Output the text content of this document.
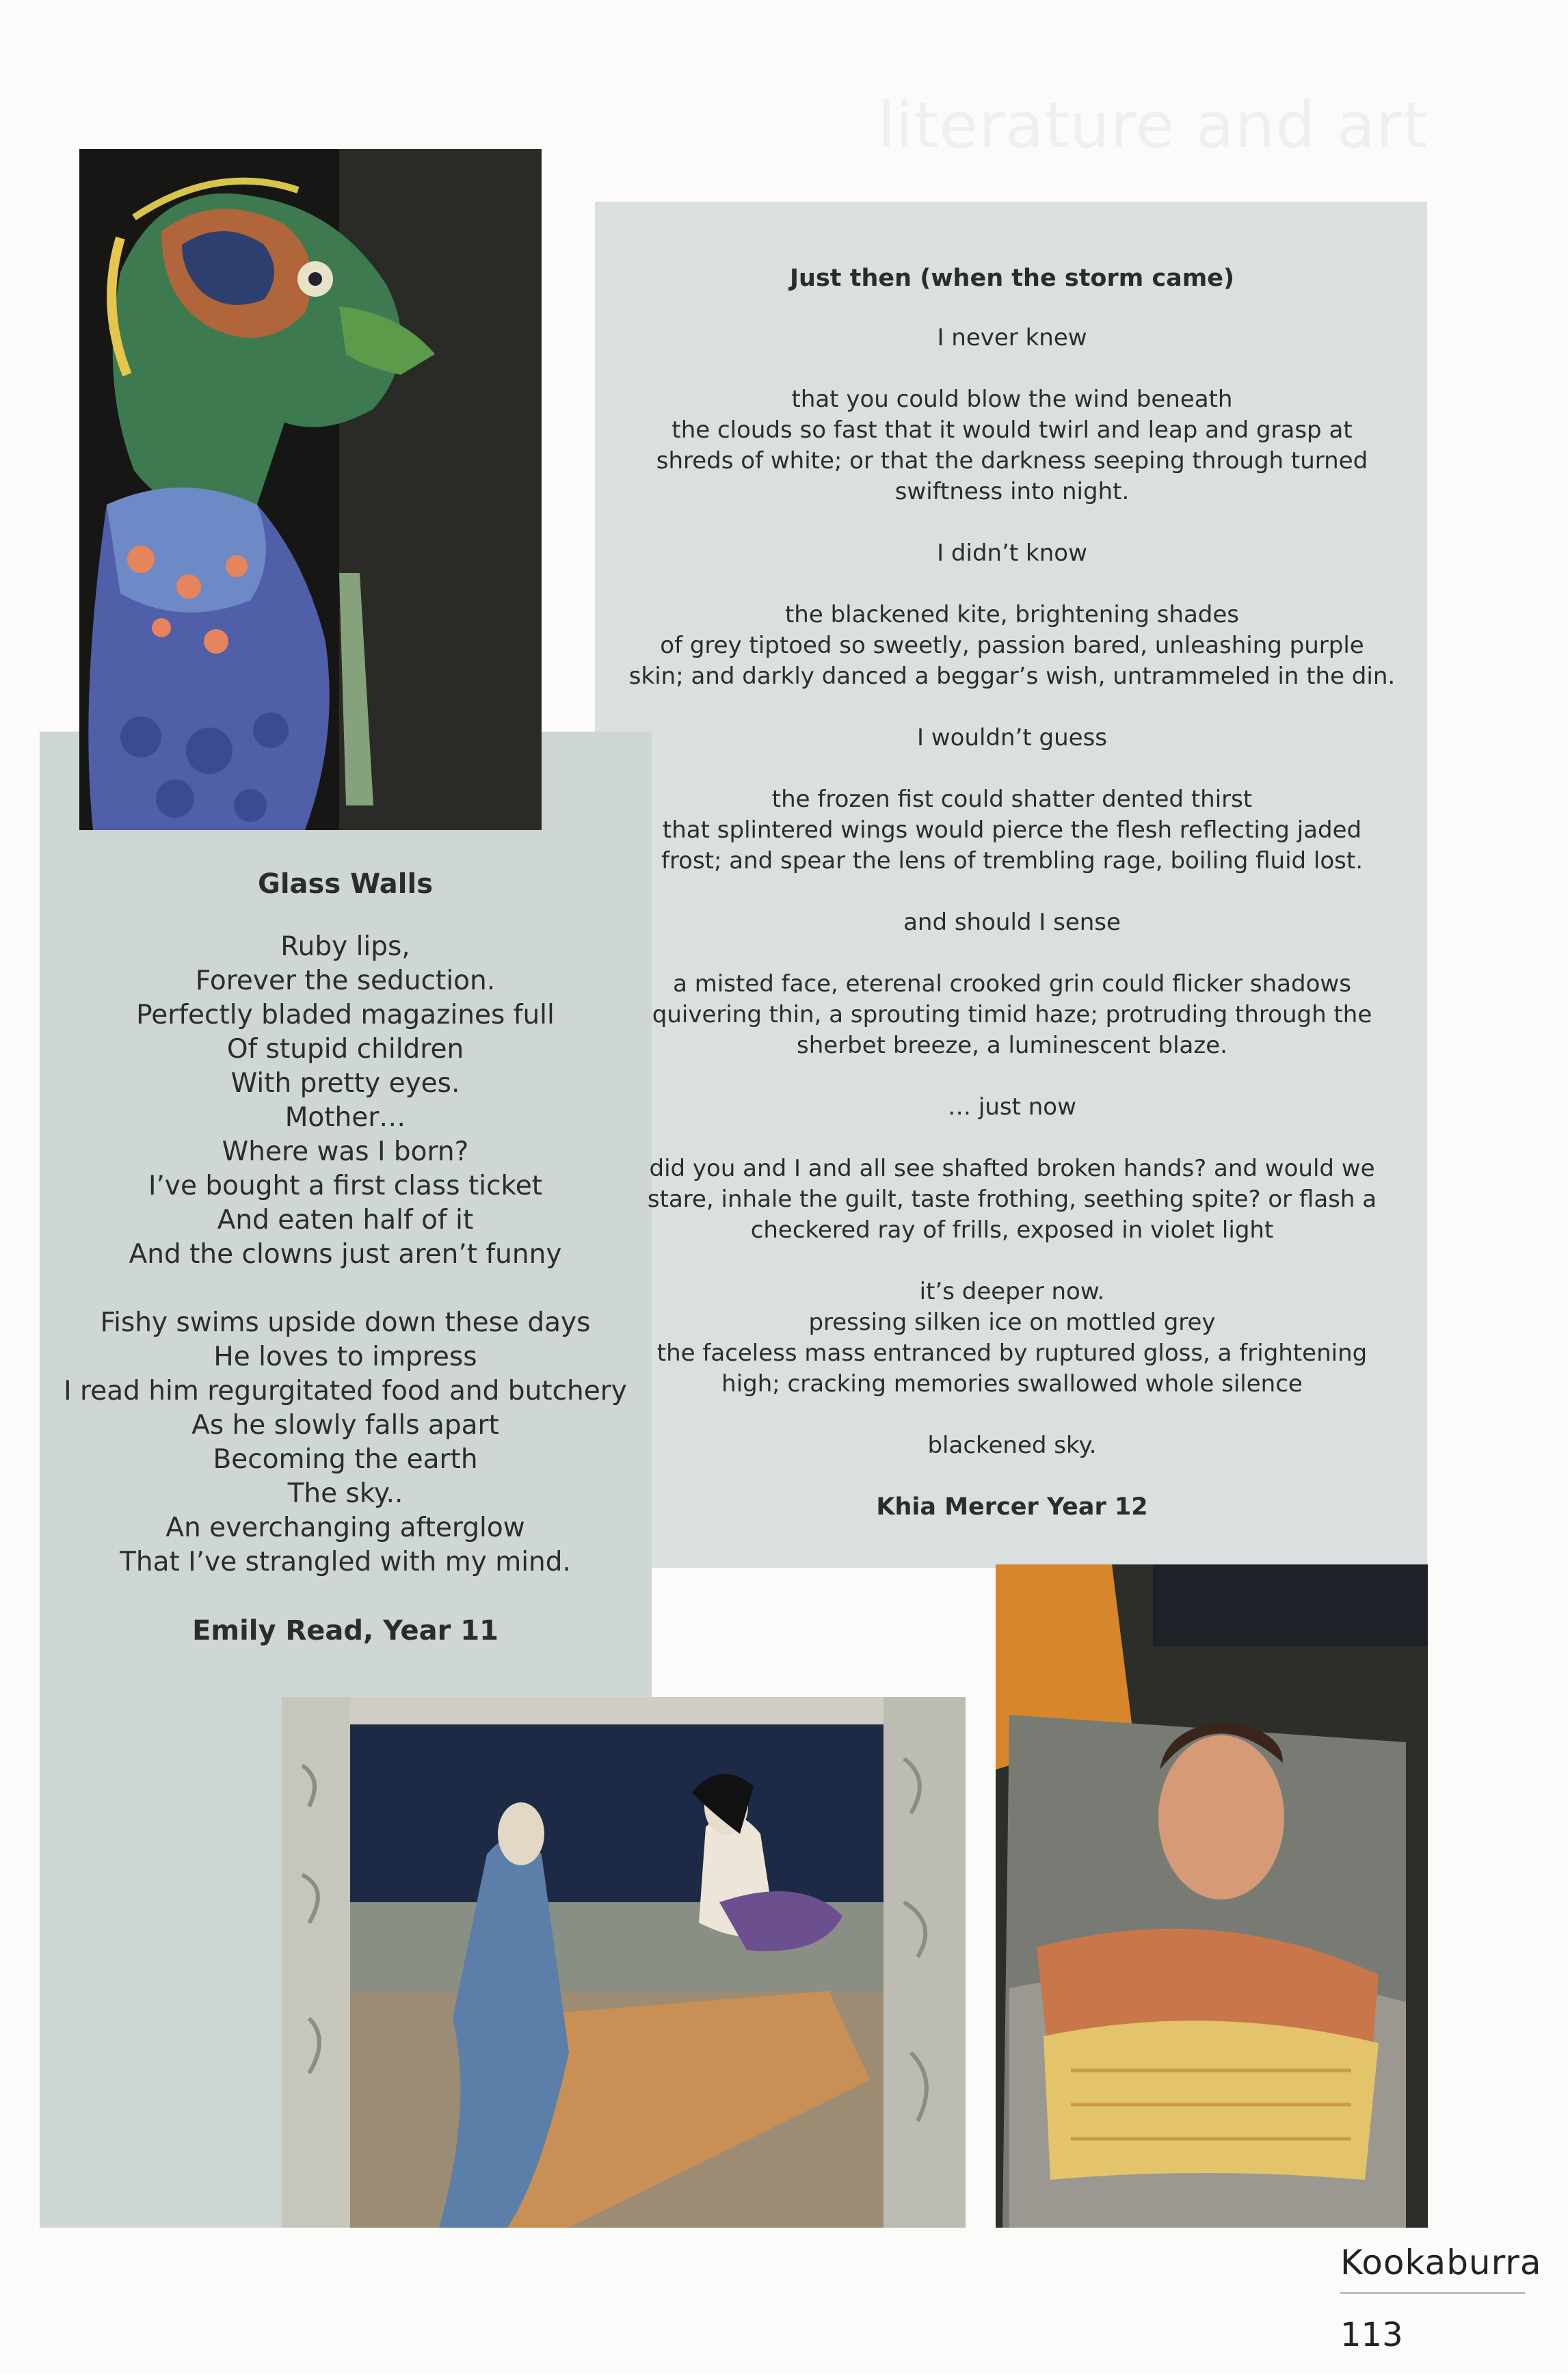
literature and art

Just then (when the storm came)

I never knew

that you could blow the wind beneath
the clouds so fast that it would twirl and leap and grasp at
shreds of white; or that the darkness seeping through turned
swiftness into night.

I didn’t know

the blackened kite, brightening shades
of grey tiptoed so sweetly, passion bared, unleashing purple
skin; and darkly danced a beggar’s wish, untrammeled in the din.

I wouldn’t guess

the frozen fist could shatter dented thirst
that splintered wings would pierce the flesh reflecting jaded
frost; and spear the lens of trembling rage, boiling fluid lost.

and should I sense

a misted face, eterenal crooked grin could flicker shadows
quivering thin, a sprouting timid haze; protruding through the
sherbet breeze, a luminescent blaze.

… just now

did you and I and all see shafted broken hands? and would we
stare, inhale the guilt, taste frothing, seething spite? or flash a
checkered ray of frills, exposed in violet light

it’s deeper now.
pressing silken ice on mottled grey
the faceless mass entranced by ruptured gloss, a frightening
high; cracking memories swallowed whole silence

blackened sky.

Khia Mercer Year 12

Glass Walls

Ruby lips,
Forever the seduction.
Perfectly bladed magazines full
Of stupid children
With pretty eyes.
Mother…
Where was I born?
I’ve bought a first class ticket
And eaten half of it
And the clowns just aren’t funny

Fishy swims upside down these days
He loves to impress
I read him regurgitated food and butchery
As he slowly falls apart
Becoming the earth
The sky..
An everchanging afterglow
That I’ve strangled with my mind.

Emily Read, Year 11

Kookaburra
113
